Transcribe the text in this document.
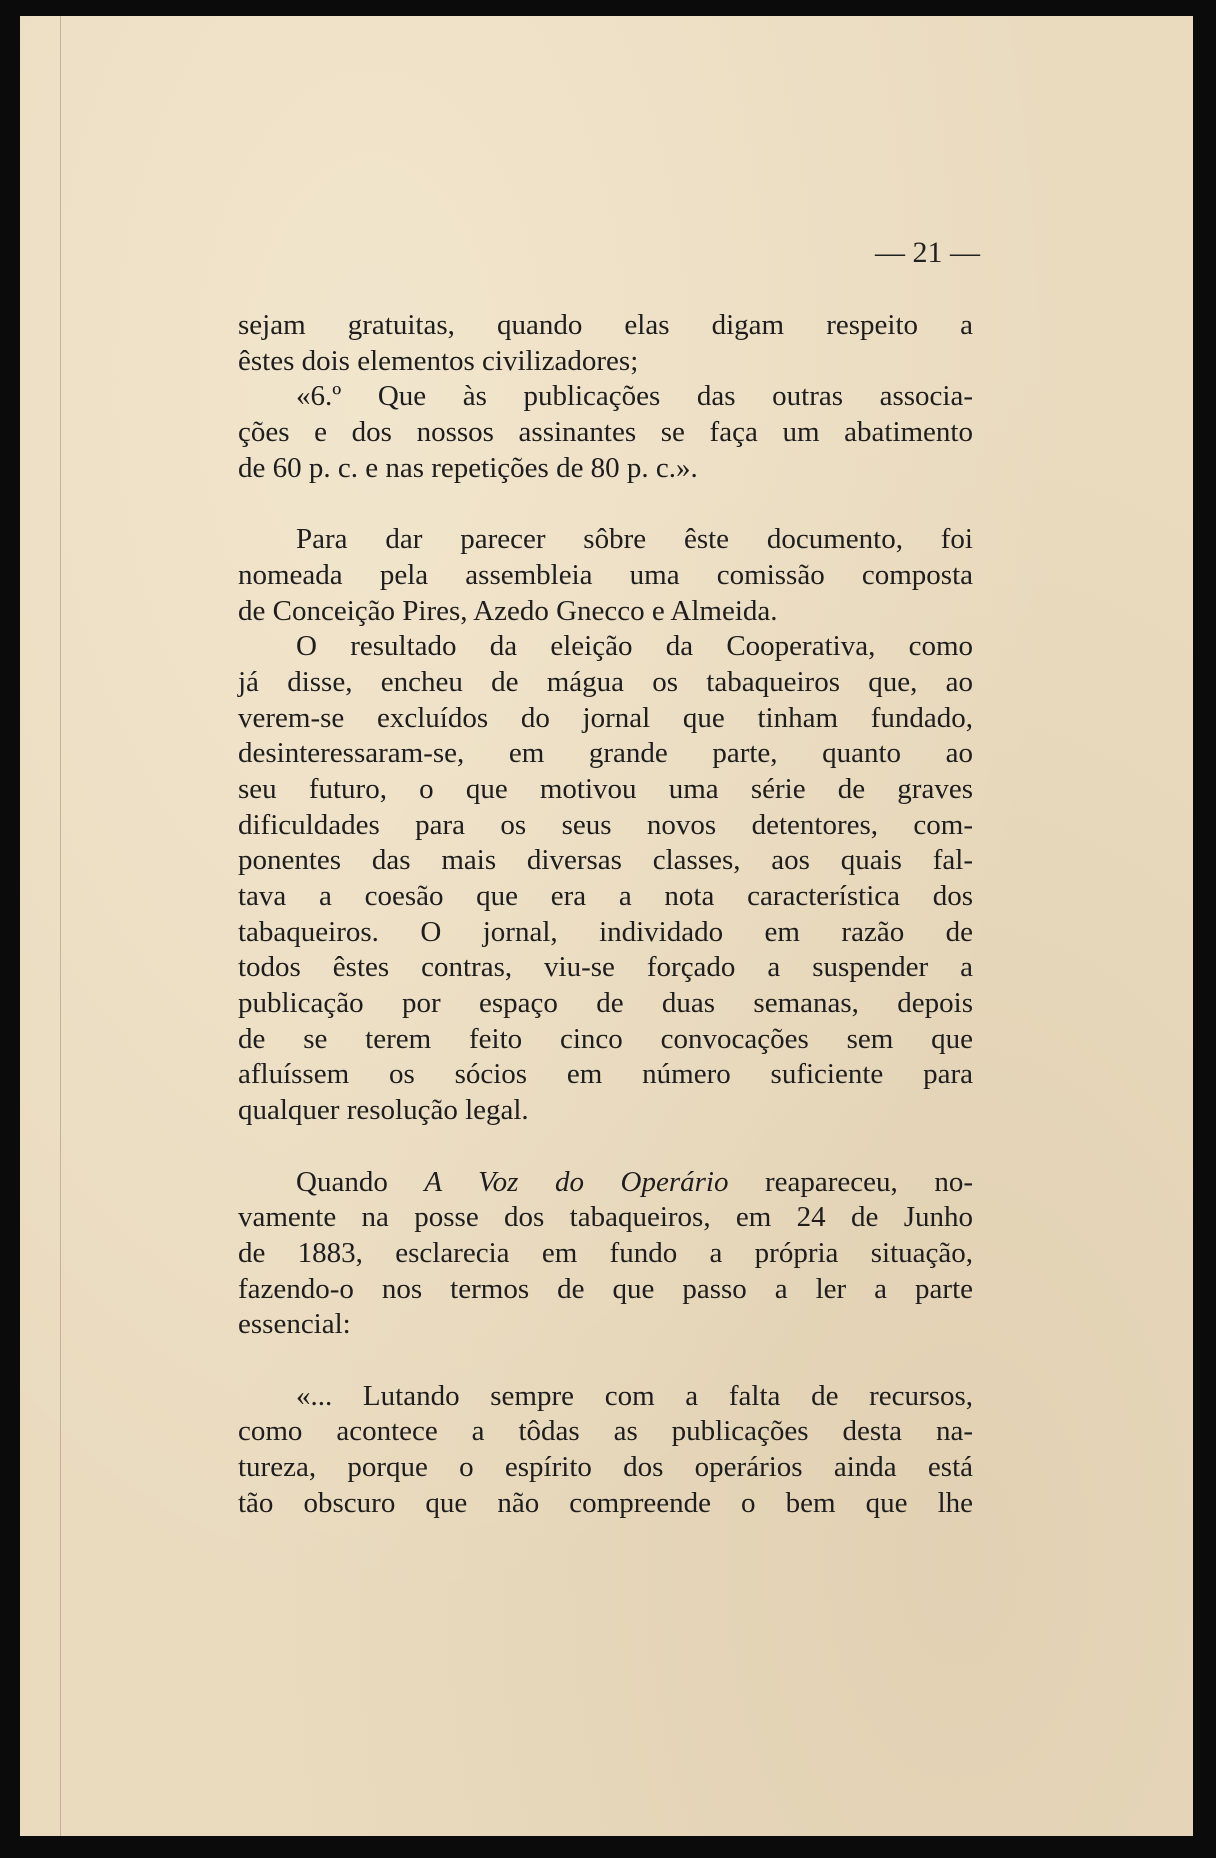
— 21 —
sejam gratuitas, quando elas digam respeito a
êstes dois elementos civilizadores;
«6.º Que às publicações das outras associa-
ções e dos nossos assinantes se faça um abatimento
de 60 p. c. e nas repetições de 80 p. c.».
Para dar parecer sôbre êste documento, foi
nomeada pela assembleia uma comissão composta
de Conceição Pires, Azedo Gnecco e Almeida.
O resultado da eleição da Cooperativa, como
já disse, encheu de mágua os tabaqueiros que, ao
verem-se excluídos do jornal que tinham fundado,
desinteressaram-se, em grande parte, quanto ao
seu futuro, o que motivou uma série de graves
dificuldades para os seus novos detentores, com-
ponentes das mais diversas classes, aos quais fal-
tava a coesão que era a nota característica dos
tabaqueiros. O jornal, individado em razão de
todos êstes contras, viu-se forçado a suspender a
publicação por espaço de duas semanas, depois
de se terem feito cinco convocações sem que
afluíssem os sócios em número suficiente para
qualquer resolução legal.
Quando A Voz do Operário reapareceu, no-
vamente na posse dos tabaqueiros, em 24 de Junho
de 1883, esclarecia em fundo a própria situação,
fazendo-o nos termos de que passo a ler a parte
essencial:
«... Lutando sempre com a falta de recursos,
como acontece a tôdas as publicações desta na-
tureza, porque o espírito dos operários ainda está
tão obscuro que não compreende o bem que lhe
